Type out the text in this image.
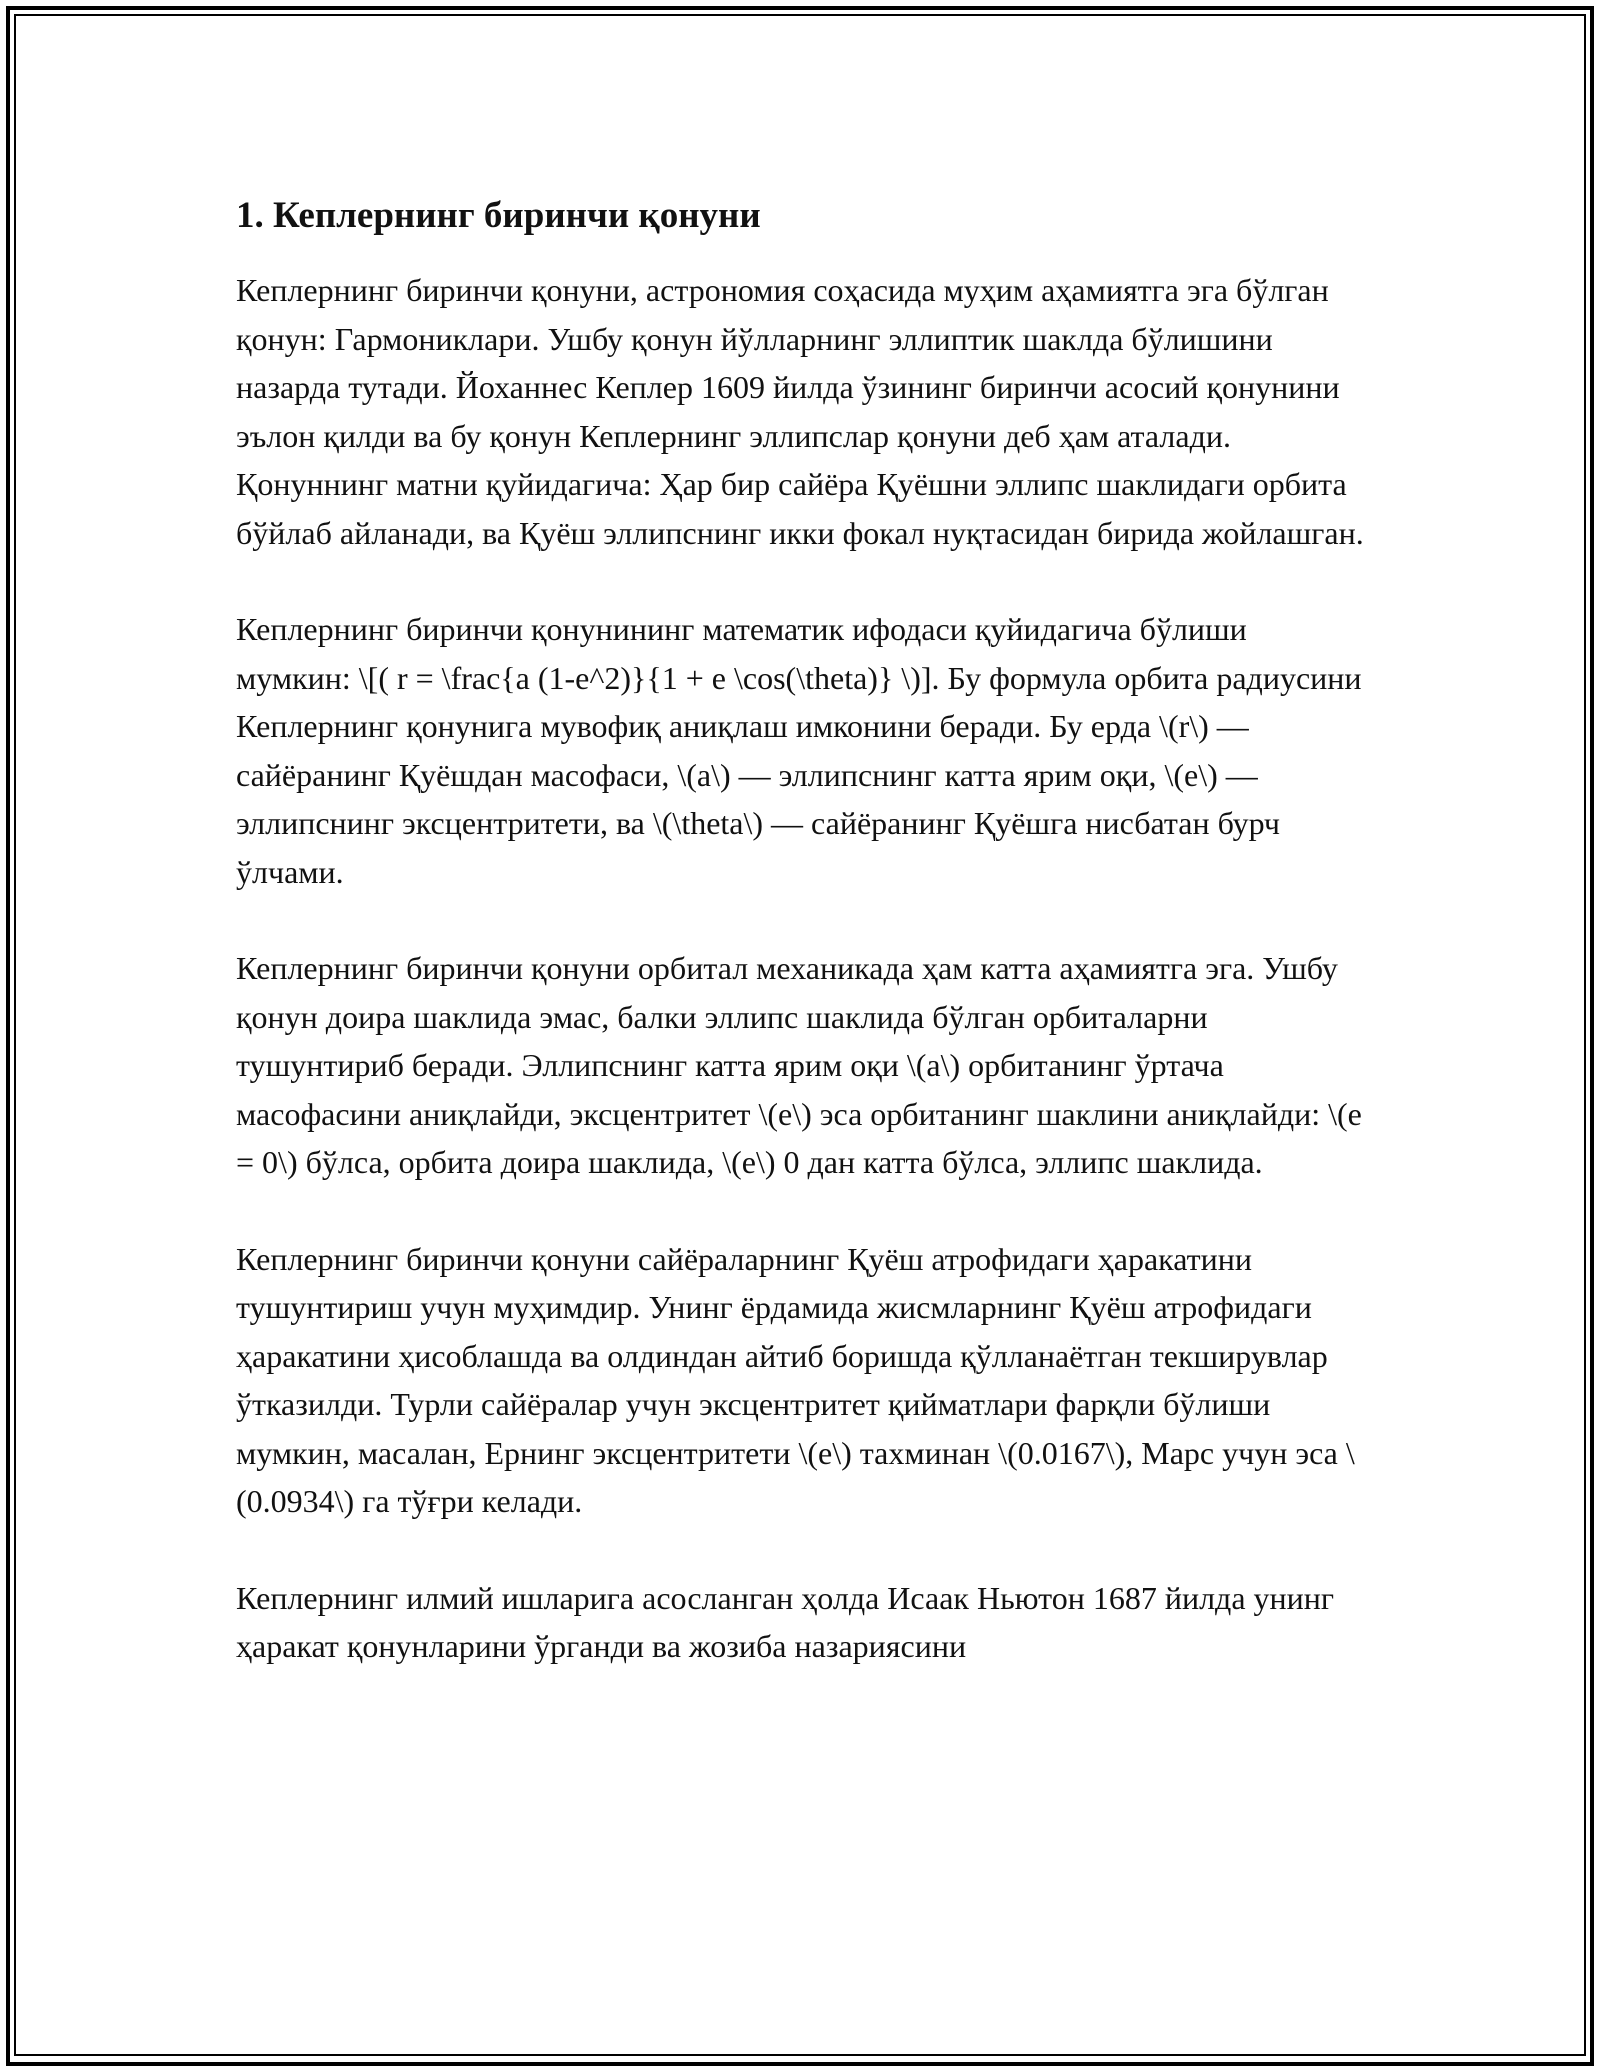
1. Кеплернинг биринчи қонуни

Кеплернинг биринчи қонуни, астрономия соҳасида муҳим аҳамиятга эга бўлган қонун: Гармониклари. Ушбу қонун йўлларнинг эллиптик шаклда бўлишини назарда тутади. Йоханнес Кеплер 1609 йилда ўзининг биринчи асосий қонунини эълон қилди ва бу қонун Кеплернинг эллипслар қонуни деб ҳам аталади. Қонуннинг матни қуйидагича: Ҳар бир сайёра Қуёшни эллипс шаклидаги орбита бўйлаб айланади, ва Қуёш эллипснинг икки фокал нуқтасидан бирида жойлашган.

Кеплернинг биринчи қонунининг математик ифодаси қуйидагича бўлиши мумкин: \[( r = \frac{a (1-e^2)}{1 + e \cos(\theta)} \)]. Бу формула орбита радиусини Кеплернинг қонунига мувофиқ аниқлаш имконини беради. Бу ерда \(r\) — сайёранинг Қуёшдан масофаси, \(a\) — эллипснинг катта ярим оқи, \(e\) — эллипснинг эксцентритети, ва \(\theta\) — сайёранинг Қуёшга нисбатан бурч ўлчами.

Кеплернинг биринчи қонуни орбитал механикада ҳам катта аҳамиятга эга. Ушбу қонун доира шаклида эмас, балки эллипс шаклида бўлган орбиталарни тушунтириб беради. Эллипснинг катта ярим оқи \(a\) орбитанинг ўртача масофасини аниқлайди, эксцентритет \(e\) эса орбитанинг шаклини аниқлайди: \(e = 0\) бўлса, орбита доира шаклида, \(e\) 0 дан катта бўлса, эллипс шаклида.

Кеплернинг биринчи қонуни сайёраларнинг Қуёш атрофидаги ҳаракатини тушунтириш учун муҳимдир. Унинг ёрдамида жисмларнинг Қуёш атрофидаги ҳаракатини ҳисоблашда ва олдиндан айтиб боришда қўлланаётган текширувлар ўтказилди. Турли сайёралар учун эксцентритет қийматлари фарқли бўлиши мумкин, масалан, Ернинг эксцентритети \(e\) тахминан \(0.0167\), Марс учун эса \(0.0934\) га тўғри келади.

Кеплернинг илмий ишларига асосланган ҳолда Исаак Ньютон 1687 йилда унинг ҳаракат қонунларини ўрганди ва жозиба назариясини
